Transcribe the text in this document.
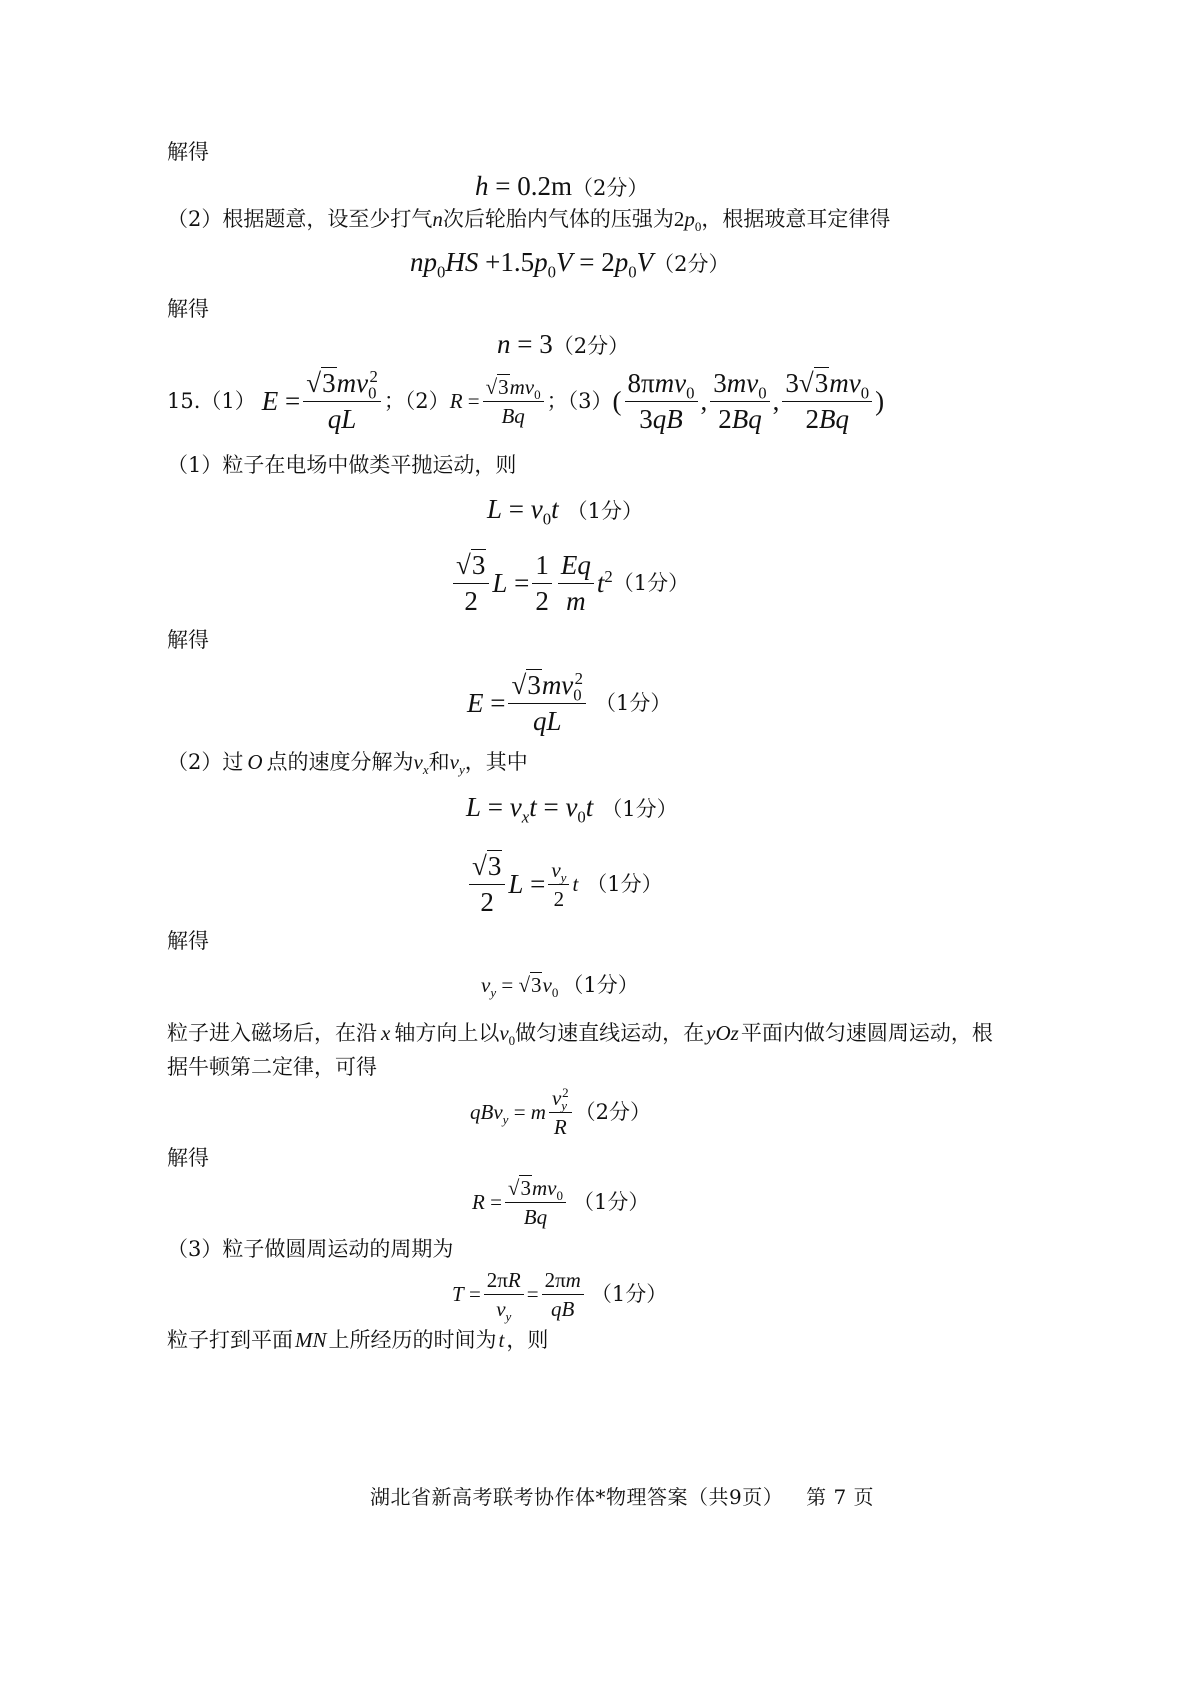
解得
h = 0.2m（2分）
（2）根据题意，设至少打气n次后轮胎内气体的压强为$2p_0$，根据玻意耳定律得
$np_0HS +1.5p_0V = 2p_0V(2$分）
解得
n = 3（2分）
15.（1） $E = \frac{√3mv_0^2}{qL}$ ；（2） $R = \frac{√3mv_0}{Bq}$ ；（3） ( $\frac{8\pi mv_0}{3qB}$ , $\frac{3mv_0}{2Bq}$ , $\frac{3√3mv_0}{2Bq}$ )
（1）粒子在电场中做类平抛运动，则
$L = v_0t$ （1分）
$\frac{√3}{2}$ $L = \frac{1}{2} \frac{Eq}{m} t^2$ （1分）
解得
$E = \frac{√3mv_0^2}{qL} (1$分）
（2）过 O 点的速度分解为$v_x$和$v_y$，其中
$L = v_xt = v_0t$ （1分）
$\frac{√3}{2}$ $L = \frac{v_y}{2}$ t （1分）
解得
$v_y = √3v_0$ （1分）
粒子进入磁场后，在沿 x 轴方向上以$v_0$做匀速直线运动，在yOz平面内做匀速圆周运动，根
据牛顿第二定律，可得
qBv$_y$ = m $\frac{v_y^2}{R} (2$分）
解得
$R = \frac{√3mv_0}{Bq} (1$分）
（3）粒子做圆周运动的周期为
$T = \frac{2\pi R}{v_y} = \frac{2\pi m}{qB} (1$分）
粒子打到平面MN上所经历的时间为t，则
湖北省新高考联考协作体*物理答案（共9页） 第 7 页
